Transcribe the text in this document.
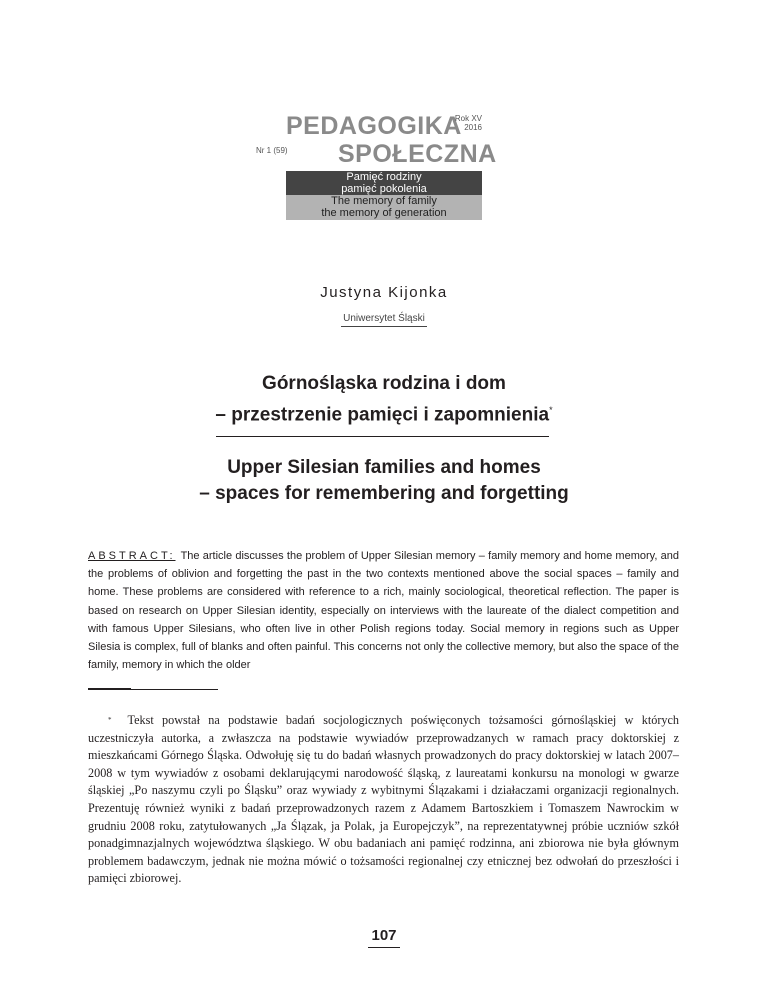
PEDAGOGIKA
Rok XV
2016
Nr 1 (59) SPOŁECZNA
Pamięć rodziny
pamięć pokolenia
The memory of family
the memory of generation
Justyna Kijonka
Uniwersytet Śląski
Górnośląska rodzina i dom
– przestrzenie pamięci i zapomnienia*
Upper Silesian families and homes
– spaces for remembering and forgetting
ABSTRACT: The article discusses the problem of Upper Silesian memory – family memory and home memory, and the problems of oblivion and forgetting the past in the two contexts mentioned above the social spaces – family and home. These problems are considered with reference to a rich, mainly sociological, theoretical reflection. The paper is based on research on Upper Silesian identity, especially on interviews with the laureate of the dialect competition and with famous Upper Silesians, who often live in other Polish regions today. Social memory in regions such as Upper Silesia is complex, full of blanks and often painful. This concerns not only the collective memory, but also the space of the family, memory in which the older
* Tekst powstał na podstawie badań socjologicznych poświęconych tożsamości górnośląskiej w których uczestniczyła autorka, a zwłaszcza na podstawie wywiadów przeprowadzanych w ramach pracy doktorskiej z mieszkańcami Górnego Śląska. Odwołuję się tu do badań własnych prowadzonych do pracy doktorskiej w latach 2007–2008 w tym wywiadów z osobami deklarującymi narodowość śląską, z laureatami konkursu na monologi w gwarze śląskiej „Po naszymu czyli po Śląsku” oraz wywiady z wybitnymi Ślązakami i działaczami organizacji regionalnych. Prezentuję również wyniki z badań przeprowadzonych razem z Adamem Bartoszkiem i Tomaszem Nawrockim w grudniu 2008 roku, zatytułowanych „Ja Ślązak, ja Polak, ja Europejczyk”, na reprezentatywnej próbie uczniów szkół ponadgimnazjalnych województwa śląskiego. W obu badaniach ani pamięć rodzinna, ani zbiorowa nie była głównym problemem badawczym, jednak nie można mówić o tożsamości regionalnej czy etnicznej bez odwołań do przeszłości i pamięci zbiorowej.
107
